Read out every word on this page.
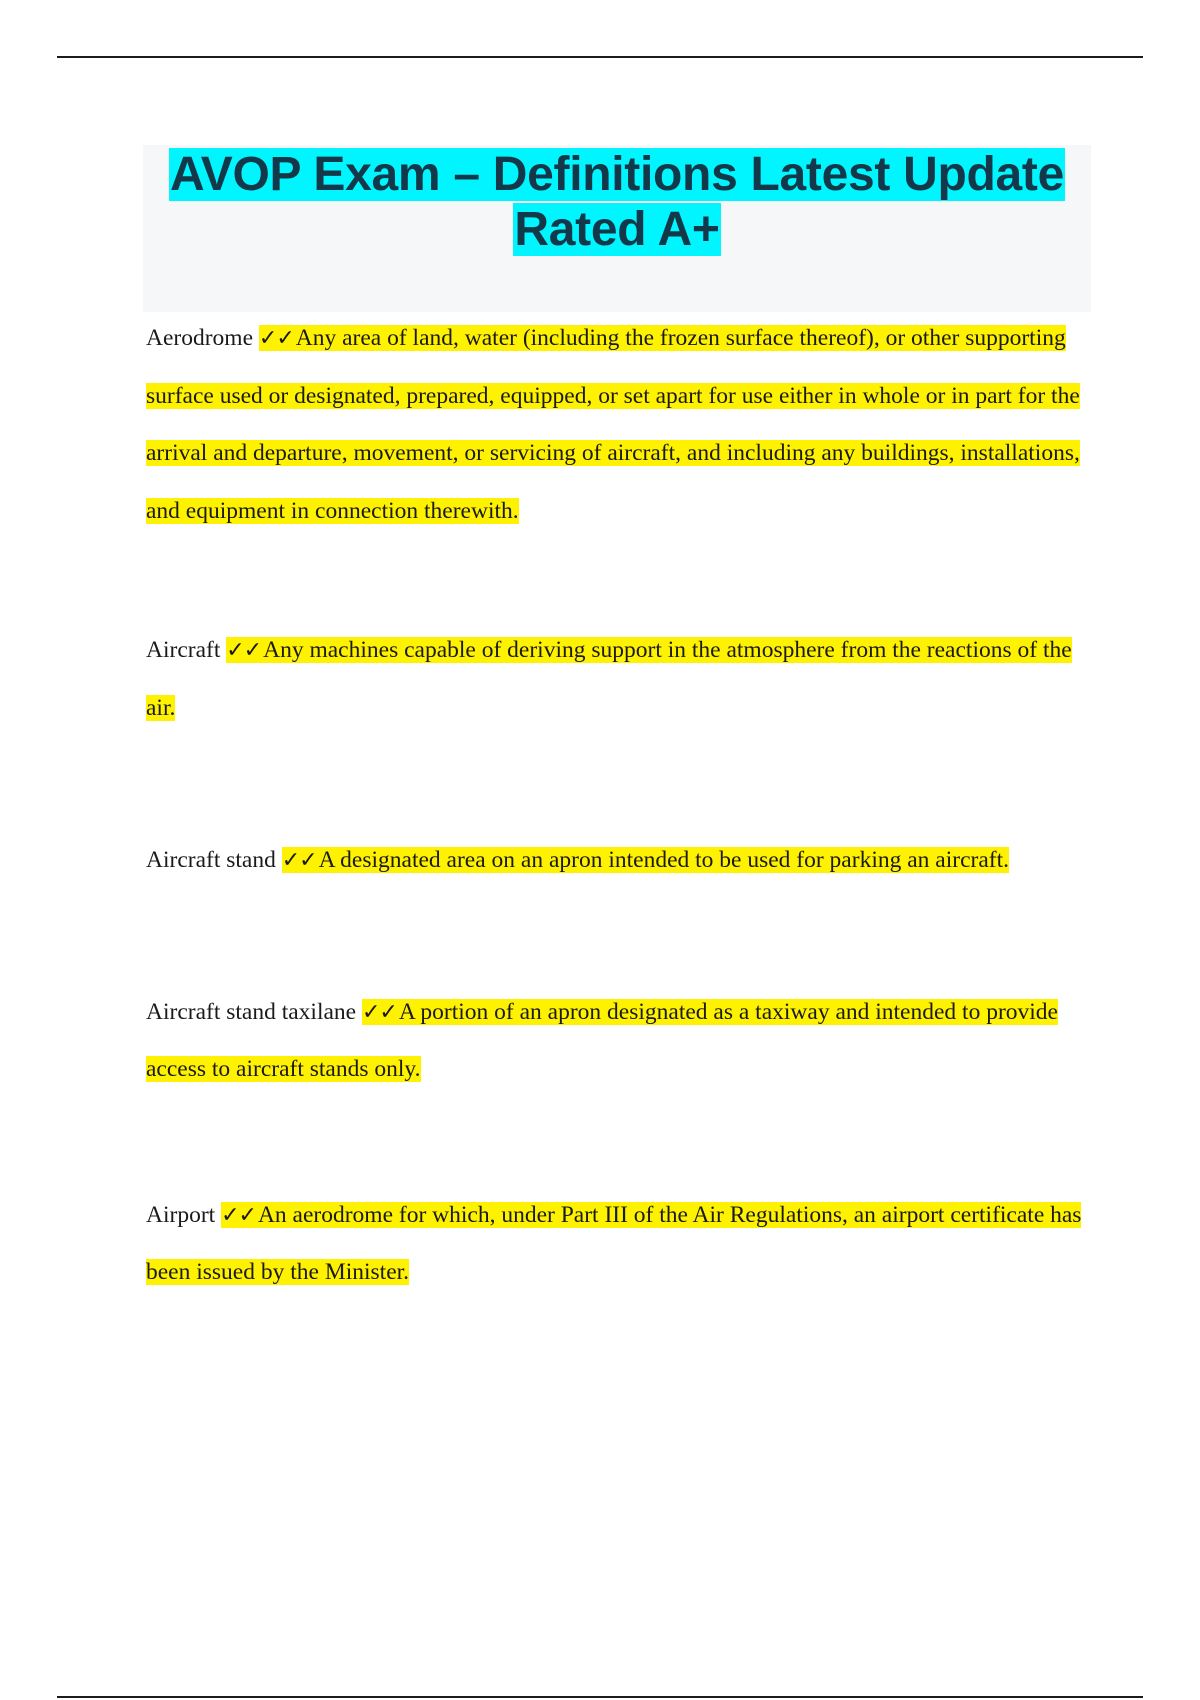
AVOP Exam – Definitions Latest Update Rated A+

Aerodrome ✓✓Any area of land, water (including the frozen surface thereof), or other supporting surface used or designated, prepared, equipped, or set apart for use either in whole or in part for the arrival and departure, movement, or servicing of aircraft, and including any buildings, installations, and equipment in connection therewith.

Aircraft ✓✓Any machines capable of deriving support in the atmosphere from the reactions of the air.

Aircraft stand ✓✓A designated area on an apron intended to be used for parking an aircraft.

Aircraft stand taxilane ✓✓A portion of an apron designated as a taxiway and intended to provide access to aircraft stands only.

Airport ✓✓An aerodrome for which, under Part III of the Air Regulations, an airport certificate has been issued by the Minister.
